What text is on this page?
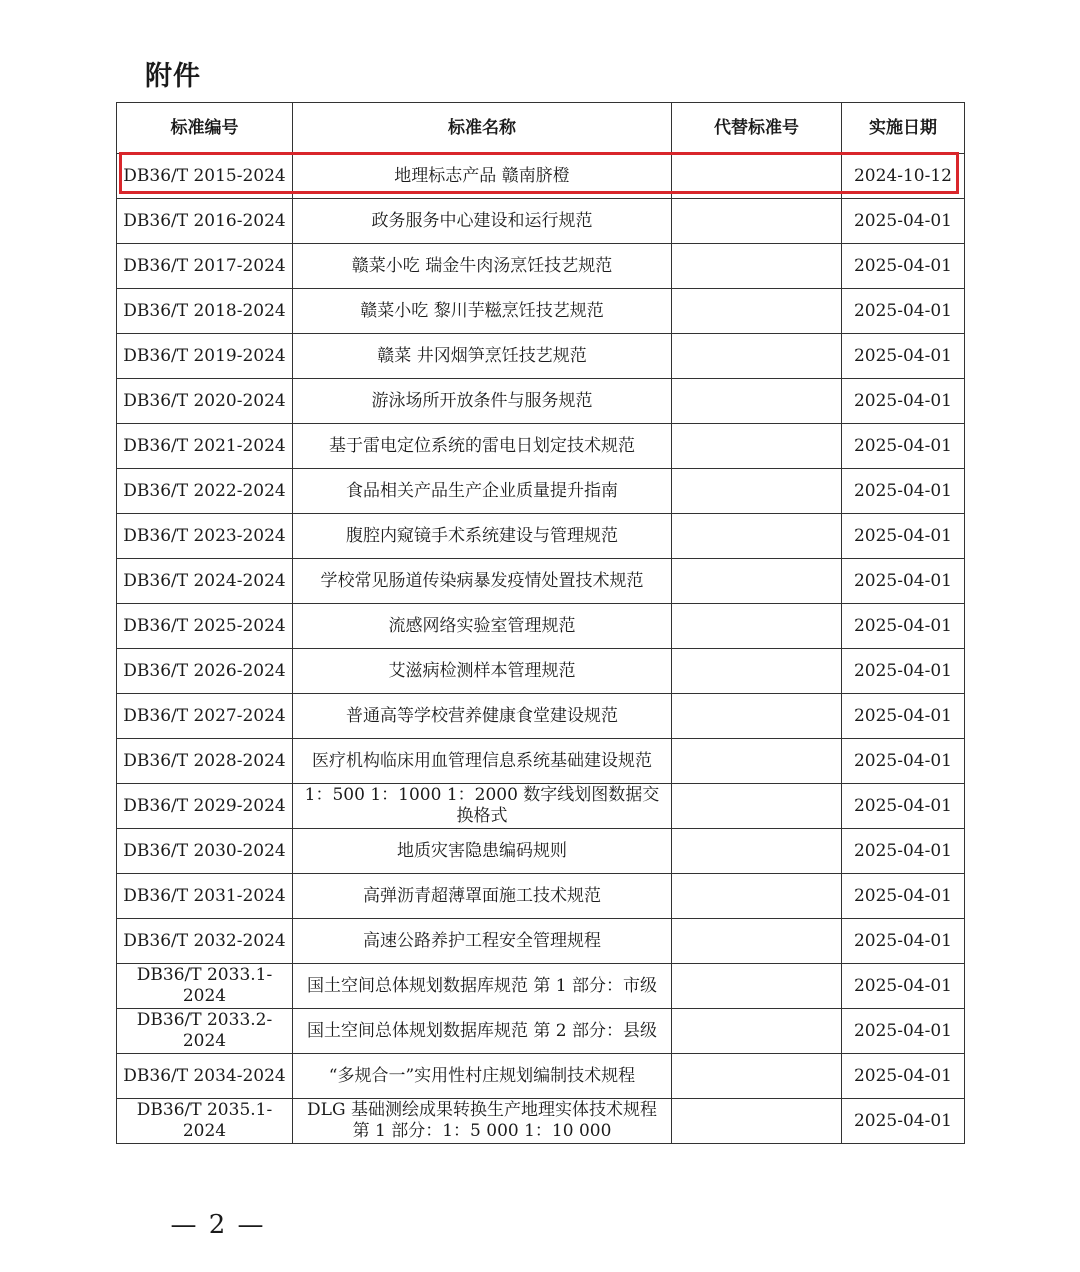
附件
标准编号	标准名称	代替标准号	实施日期
DB36/T 2015-2024	地理标志产品 赣南脐橙		2024-10-12
DB36/T 2016-2024	政务服务中心建设和运行规范		2025-04-01
DB36/T 2017-2024	赣菜小吃 瑞金牛肉汤烹饪技艺规范		2025-04-01
DB36/T 2018-2024	赣菜小吃 黎川芋糍烹饪技艺规范		2025-04-01
DB36/T 2019-2024	赣菜 井冈烟笋烹饪技艺规范		2025-04-01
DB36/T 2020-2024	游泳场所开放条件与服务规范		2025-04-01
DB36/T 2021-2024	基于雷电定位系统的雷电日划定技术规范		2025-04-01
DB36/T 2022-2024	食品相关产品生产企业质量提升指南		2025-04-01
DB36/T 2023-2024	腹腔内窥镜手术系统建设与管理规范		2025-04-01
DB36/T 2024-2024	学校常见肠道传染病暴发疫情处置技术规范		2025-04-01
DB36/T 2025-2024	流感网络实验室管理规范		2025-04-01
DB36/T 2026-2024	艾滋病检测样本管理规范		2025-04-01
DB36/T 2027-2024	普通高等学校营养健康食堂建设规范		2025-04-01
DB36/T 2028-2024	医疗机构临床用血管理信息系统基础建设规范		2025-04-01
DB36/T 2029-2024	1：500 1：1000 1：2000 数字线划图数据交换格式		2025-04-01
DB36/T 2030-2024	地质灾害隐患编码规则		2025-04-01
DB36/T 2031-2024	高弹沥青超薄罩面施工技术规范		2025-04-01
DB36/T 2032-2024	高速公路养护工程安全管理规程		2025-04-01
DB36/T 2033.1-2024	国土空间总体规划数据库规范 第 1 部分：市级		2025-04-01
DB36/T 2033.2-2024	国土空间总体规划数据库规范 第 2 部分：县级		2025-04-01
DB36/T 2034-2024	“多规合一”实用性村庄规划编制技术规程		2025-04-01
DB36/T 2035.1-2024	DLG 基础测绘成果转换生产地理实体技术规程 第 1 部分：1：5 000 1：10 000		2025-04-01
— 2 —
